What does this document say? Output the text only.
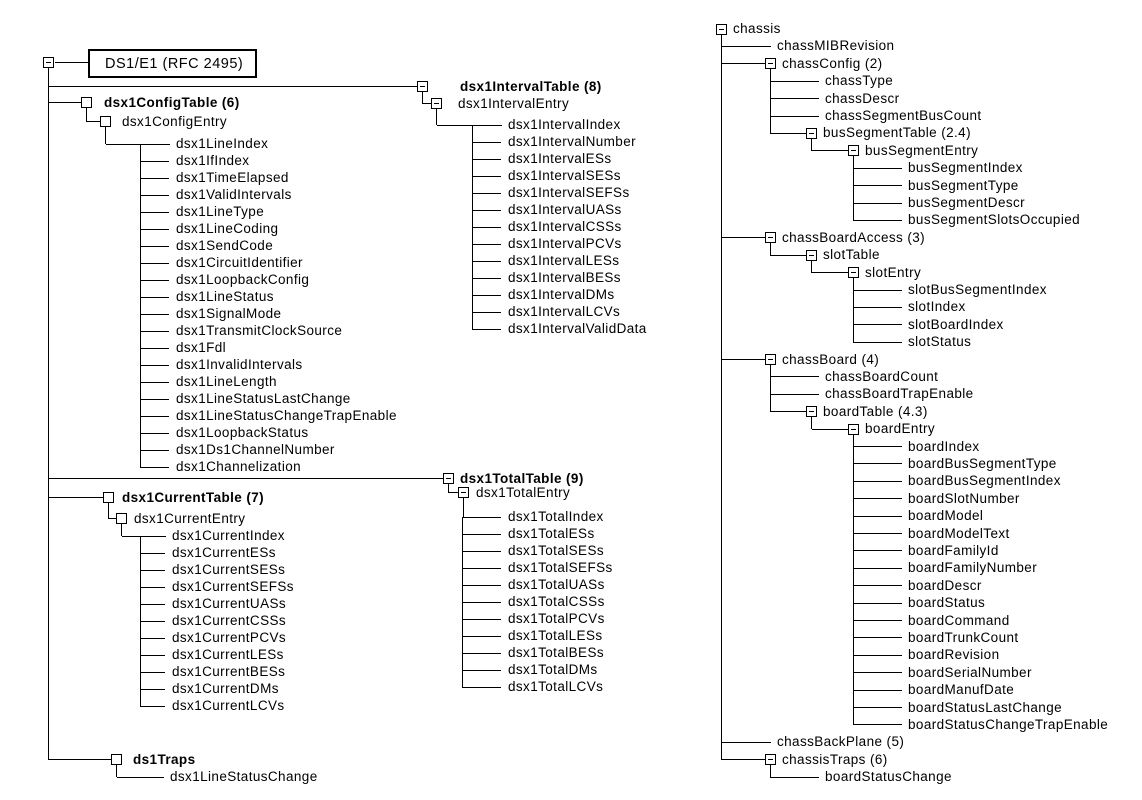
DS1/E1 (RFC 2495)
dsx1ConfigTable (6)
dsx1ConfigEntry
dsx1LineIndex
dsx1IfIndex
dsx1TimeElapsed
dsx1ValidIntervals
dsx1LineType
dsx1LineCoding
dsx1SendCode
dsx1CircuitIdentifier
dsx1LoopbackConfig
dsx1LineStatus
dsx1SignalMode
dsx1TransmitClockSource
dsx1Fdl
dsx1InvalidIntervals
dsx1LineLength
dsx1LineStatusLastChange
dsx1LineStatusChangeTrapEnable
dsx1LoopbackStatus
dsx1Ds1ChannelNumber
dsx1Channelization
dsx1IntervalTable (8)
dsx1IntervalEntry
dsx1IntervalIndex
dsx1IntervalNumber
dsx1IntervalESs
dsx1IntervalSESs
dsx1IntervalSEFSs
dsx1IntervalUASs
dsx1IntervalCSSs
dsx1IntervalPCVs
dsx1IntervalLESs
dsx1IntervalBESs
dsx1IntervalDMs
dsx1IntervalLCVs
dsx1IntervalValidData
dsx1CurrentTable (7)
dsx1CurrentEntry
dsx1CurrentIndex
dsx1CurrentESs
dsx1CurrentSESs
dsx1CurrentSEFSs
dsx1CurrentUASs
dsx1CurrentCSSs
dsx1CurrentPCVs
dsx1CurrentLESs
dsx1CurrentBESs
dsx1CurrentDMs
dsx1CurrentLCVs
dsx1TotalTable (9)
dsx1TotalEntry
dsx1TotalIndex
dsx1TotalESs
dsx1TotalSESs
dsx1TotalSEFSs
dsx1TotalUASs
dsx1TotalCSSs
dsx1TotalPCVs
dsx1TotalLESs
dsx1TotalBESs
dsx1TotalDMs
dsx1TotalLCVs
ds1Traps
dsx1LineStatusChange
chassis
chassMIBRevision
chassConfig (2)
chassType
chassDescr
chassSegmentBusCount
busSegmentTable (2.4)
busSegmentEntry
busSegmentIndex
busSegmentType
busSegmentDescr
busSegmentSlotsOccupied
chassBoardAccess (3)
slotTable
slotEntry
slotBusSegmentIndex
slotIndex
slotBoardIndex
slotStatus
chassBoard (4)
chassBoardCount
chassBoardTrapEnable
boardTable (4.3)
boardEntry
boardIndex
boardBusSegmentType
boardBusSegmentIndex
boardSlotNumber
boardModel
boardModelText
boardFamilyId
boardFamilyNumber
boardDescr
boardStatus
boardCommand
boardTrunkCount
boardRevision
boardSerialNumber
boardManufDate
boardStatusLastChange
boardStatusChangeTrapEnable
chassBackPlane (5)
chassisTraps (6)
boardStatusChange
